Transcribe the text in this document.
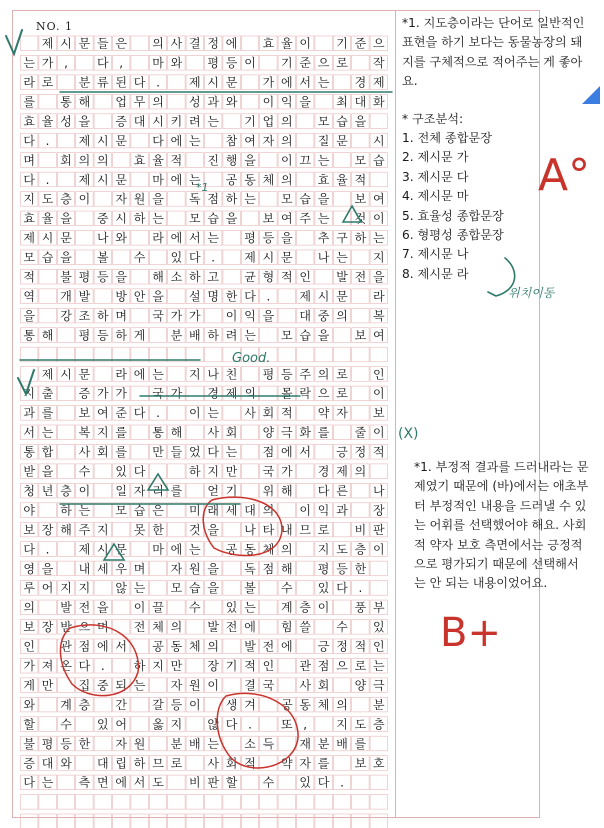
NO. 1
제 시 문 들 은 의 사 결 정 에 효 율 이 기 준 으
는 가 , 다 , 마 와 평 등 이 기 준 으 로 작
라 로 분 류 된 다 . 제 시 문 가 에 서 는 경 제
를 통 해 업 무 의 성 과 와 이 익 을 최 대 화
효 율 성 을 증 대 시 키 려 는 기 업 의 모 습 을
다 . 제 시 문 다 에 는 참 여 자 의 질 문 시
며 회 의 의 효 율 적 진 행 을 이 끄 는 모 습
다 . 제 시 문 마 에 는 공 동 체 의 효 율 적
지 도 층 이 자 원 을 독 점 하 는 모 습 을 보 여
효 율 을 중 시 하 는 모 습 을 보 여 주 는 것 이
제 시 문 나 와 라 에 서 는 평 등 을 추 구 하 는
모 습 을 볼 수 있 다 . 제 시 문 나 는 지
적 불 평 등 을 해 소 하 고 균 형 적 인 발 전 을
역 개 발 방 안 을 설 명 한 다 . 제 시 문 라
을 강 조 하 며 국 가 가 이 익 을 대 중 의 복
통 해 평 등 하 게 분 배 하 려 는 모 습 을 보 여
제 시 문 라 에 는 지 나 친 평 등 주 의 로 인
지 출 증 가 가 국 가 경 제 의 몰 락 으 로 이
과 를 보 여 준 다 . 이 는 사 회 적 약 자 보
서 는 복 지 를 통 해 사 회 양 극 화 를 줄 이
통 합 사 회 를 만 들 었 다 는 점 에 서 긍 정 적
받 을 수 있 다 . 하 지 만 국 가 경 제 의
청 년 층 이 일 자 리 를 얻 기 위 해 다 른 나
야 하 는 모 습 은 미 래 세 대 의 이 익 과 장
보 장 해 주 지 못 한 것 을 나 타 내 므 로 비 판
다 . 제 시 문 마 에 는 공 동 체 의 지 도 층 이
영 을 내 세 우 며 자 원 을 독 점 해 평 등 한
루 어 지 지 않 는 모 습 을 볼 수 있 다 .
의 발 전 을 이 끌 수 있 는 계 층 이 풍 부
보 장 받 으 며 전 체 의 발 전 에 힘 쓸 수 있
인 관 점 에 서 공 동 체 의 발 전 에 긍 정 적 인
가 져 온 다 . 하 지 만 장 기 적 인 관 점 으 로 는
게 만 집 중 되 는 자 원 이 결 국 사 회 양 극
와 계 층 간 갈 등 이 생 겨 공 동 체 의 분
할 수 있 어 옳 지 않 다 . 또 , 지 도 층
불 평 등 한 자 원 분 배 는 소 득 재 분 배 를
증 대 와 대 립 하 므 로 사 회 적 약 자 를 보 호
다 는 측 면 에 서 도 비 판 할 수 있 다 .

*1. 지도층이라는 단어로 일반적인 표현을 하기 보다는 동물농장의 돼지를 구체적으로 적어주는 게 좋아요.

* 구조분석:

1. 전체 종합문장
2. 제시문 가
3. 제시문 다
4. 제시문 마
5. 효율성 종합문장
6. 형평성 종합문장
7. 제시문 나
8. 제시문 라
A°
위치이동

*1. 부정적 결과를 드러내라는 문제였기 때문에 (바)에서는 애초부터 부정적인 내용을 드러낼 수 있는 어휘를 선택했어야 해요. 사회적 약자 보호 측면에서는 긍정적으로 평가되기 때문에 선택해서는 안 되는 내용이었어요.

B+
Good.
*1
(X)
